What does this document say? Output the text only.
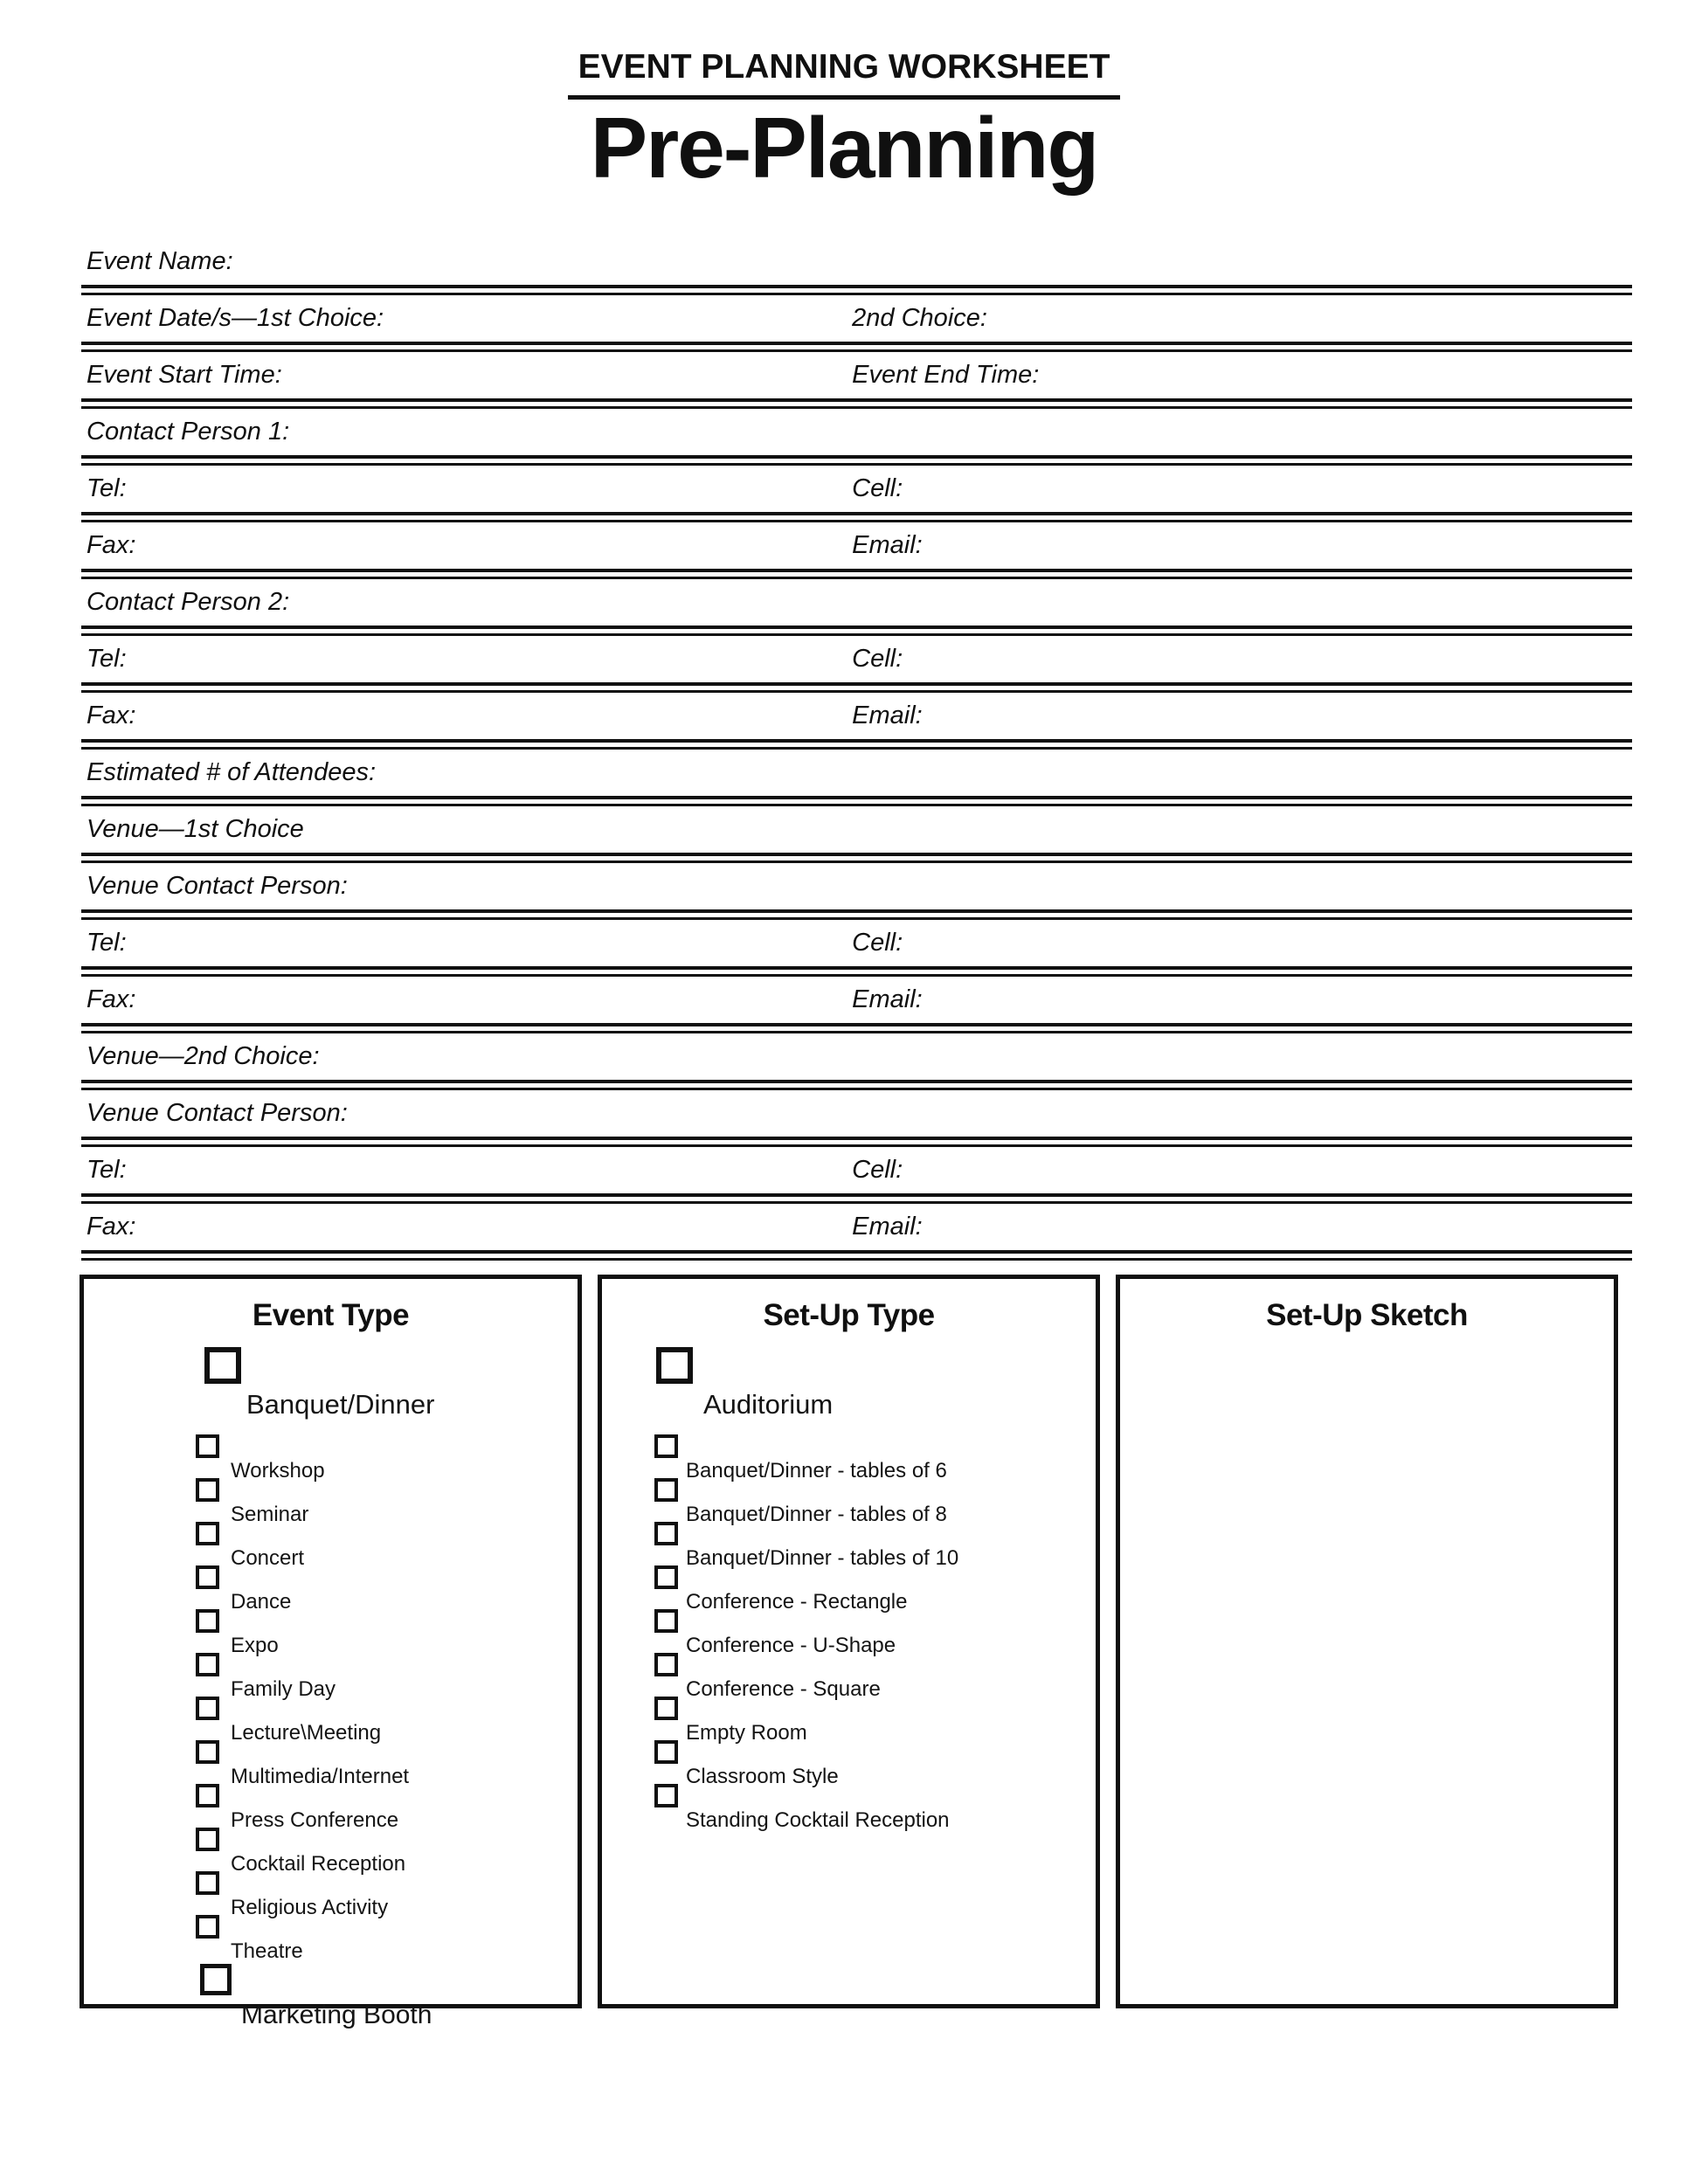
EVENT PLANNING WORKSHEET
Pre-Planning
Event Name:
Event Date/s—1st Choice:	2nd Choice:
Event Start Time:	Event End Time:
Contact Person 1:
Tel:	Cell:
Fax:	Email:
Contact Person 2:
Tel:	Cell:
Fax:	Email:
Estimated # of Attendees:
Venue—1st Choice
Venue Contact Person:
Tel:	Cell:
Fax:	Email:
Venue—2nd Choice:
Venue Contact Person:
Tel:	Cell:
Fax:	Email:
Event Type
Banquet/Dinner
Workshop
Seminar
Concert
Dance
Expo
Family Day
Lecture\Meeting
Multimedia/Internet
Press Conference
Cocktail Reception
Religious Activity
Theatre
Marketing Booth
Set-Up Type
Auditorium
Banquet/Dinner - tables of 6
Banquet/Dinner - tables of 8
Banquet/Dinner - tables of 10
Conference - Rectangle
Conference - U-Shape
Conference - Square
Empty Room
Classroom Style
Standing Cocktail Reception
Set-Up Sketch
